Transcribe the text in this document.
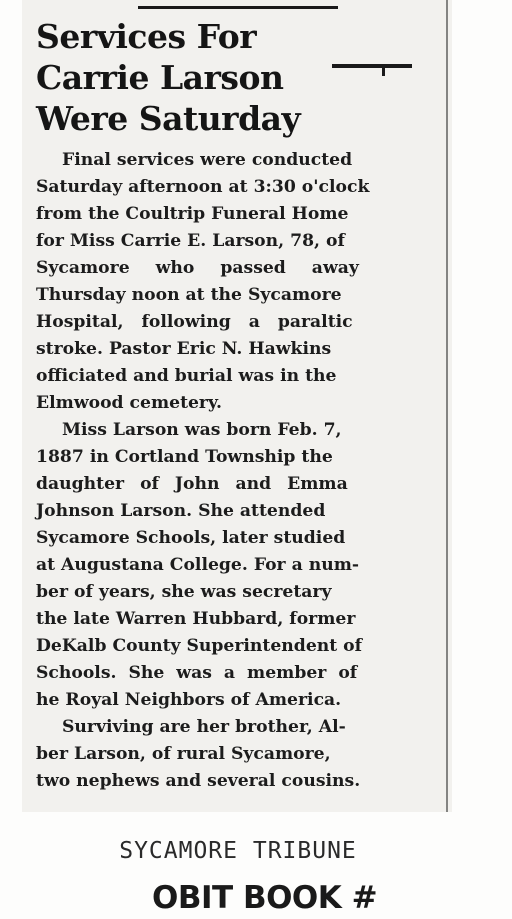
Services For
Carrie Larson
Were Saturday
Final services were conducted
Saturday afternoon at 3:30 o'clock
from the Coultrip Funeral Home
for Miss Carrie E. Larson, 78, of
Sycamore who passed away
Thursday noon at the Sycamore
Hospital, following a paraltic
stroke. Pastor Eric N. Hawkins
officiated and burial was in the
Elmwood cemetery.
Miss Larson was born Feb. 7,
1887 in Cortland Township the
daughter of John and Emma
Johnson Larson. She attended
Sycamore Schools, later studied
at Augustana College. For a num-
ber of years, she was secretary
the late Warren Hubbard, former
DeKalb County Superintendent of
Schools. She was a member of
he Royal Neighbors of America.
Surviving are her brother, Al-
ber Larson, of rural Sycamore,
two nephews and several cousins.
SYCAMORE TRIBUNE
OBIT BOOK #
